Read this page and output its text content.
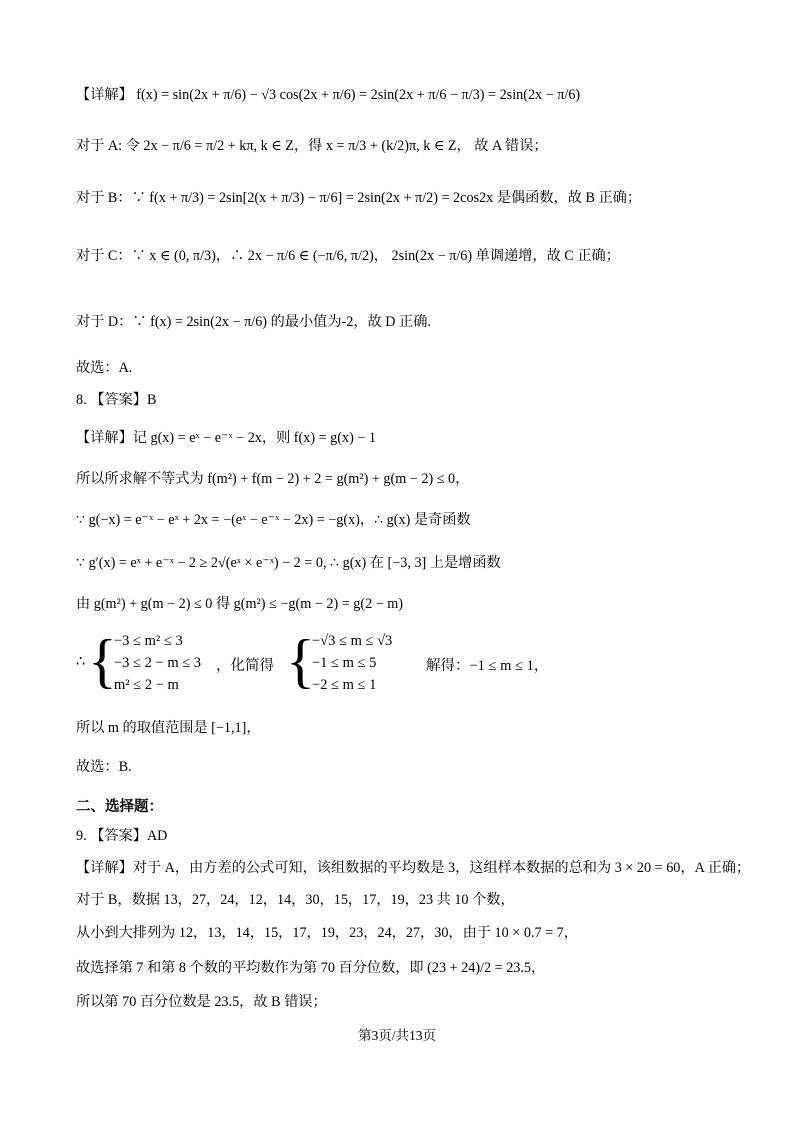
【详解】 f(x) = sin(2x + π/6) − √3 cos(2x + π/6) = 2sin(2x + π/6 − π/3) = 2sin(2x − π/6)
对于 A: 令 2x − π/6 = π/2 + kπ, k ∈ Z，得 x = π/3 + (k/2)π, k ∈ Z， 故 A 错误；
对于 B：∵ f(x + π/3) = 2sin[2(x + π/3) − π/6] = 2sin(2x + π/2) = 2cos2x 是偶函数，故 B 正确；
对于 C：∵ x ∈ (0, π/3)，∴ 2x − π/6 ∈ (−π/6, π/2)， 2sin(2x − π/6) 单调递增，故 C 正确；
对于 D：∵ f(x) = 2sin(2x − π/6) 的最小值为-2，故 D 正确.
故选：A.
8. 【答案】B
【详解】记 g(x) = eˣ − e⁻ˣ − 2x，则 f(x) = g(x) − 1
所以所求解不等式为 f(m²) + f(m − 2) + 2 = g(m²) + g(m − 2) ≤ 0，
∵ g(−x) = e⁻ˣ − eˣ + 2x = −(eˣ − e⁻ˣ − 2x) = −g(x)，∴ g(x) 是奇函数
∵ g′(x) = eˣ + e⁻ˣ − 2 ≥ 2√(eˣ × e⁻ˣ) − 2 = 0, ∴ g(x) 在 [−3, 3] 上是增函数
由 g(m²) + g(m − 2) ≤ 0 得 g(m²) ≤ −g(m − 2) = g(2 − m)
∴ {
−3 ≤ m² ≤ 3
−3 ≤ 2 − m ≤ 3
m² ≤ 2 − m
，化简得 {
−√3 ≤ m ≤ √3
−1 ≤ m ≤ 5
−2 ≤ m ≤ 1
解得：−1 ≤ m ≤ 1，
所以 m 的取值范围是 [−1,1]，
故选：B.
二、选择题：
9. 【答案】AD
【详解】对于 A，由方差的公式可知，该组数据的平均数是 3，这组样本数据的总和为 3 × 20 = 60，A 正确；
对于 B，数据 13，27，24，12，14，30，15，17，19，23 共 10 个数，
从小到大排列为 12，13，14，15，17，19，23，24，27，30，由于 10 × 0.7 = 7，
故选择第 7 和第 8 个数的平均数作为第 70 百分位数，即 (23 + 24)/2 = 23.5，
所以第 70 百分位数是 23.5，故 B 错误；
第3页/共13页
